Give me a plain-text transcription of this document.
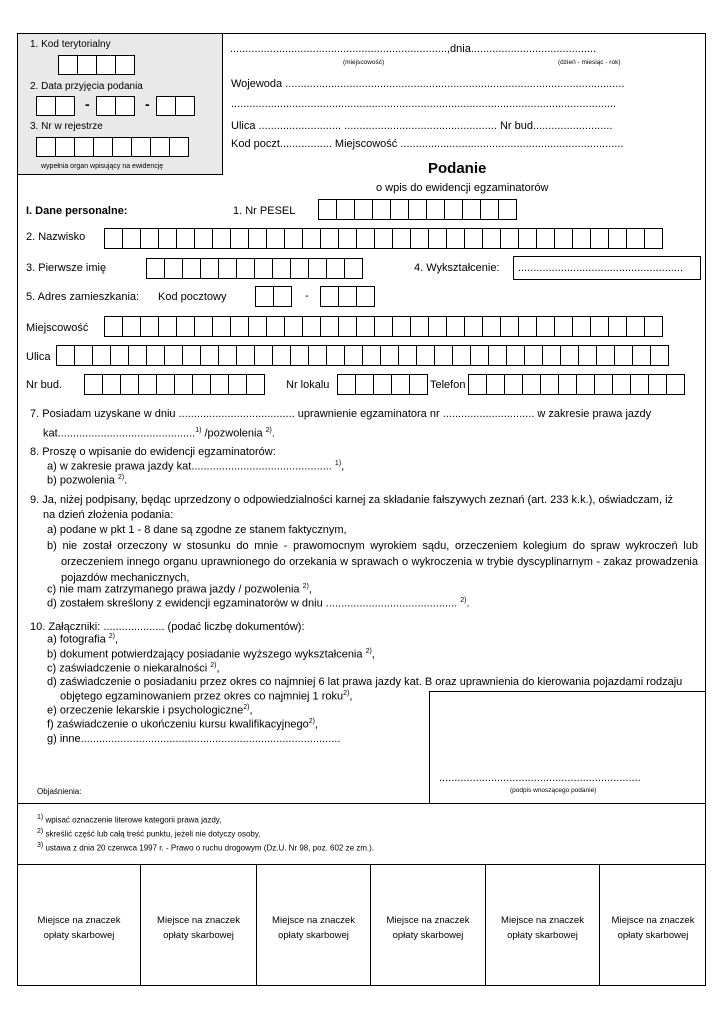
1. Kod terytorialny
2. Data przyjęcia podania
-	-
3. Nr w rejestrze
wypełnia organ wpisujący na ewidencję
.......................................................................,dnia.........................................
(miejscowość)	(dzień - miesiąc - rok)
Wojewoda ...............................................................................................................
..............................................................................................................................
Ulica ........................... .................................................. Nr bud..........................
Kod poczt................. Miejscowość .........................................................................
Podanie
o wpis do ewidencji egzaminatorów
I. Dane personalne:	1. Nr PESEL
2. Nazwisko
3. Pierwsze imię	4. Wykształcenie: ......................................................
5. Adres zamieszkania: Kod pocztowy	-
Miejscowość
Ulica
Nr bud.	Nr lokalu	Telefon
7. Posiadam uzyskane w dniu ...................................... uprawnienie egzaminatora nr .............................. w zakresie prawa jazdy
kat.............................................$^{1)}$ /pozwolenia $^{2)}$.
8. Proszę o wpisanie do ewidencji egzaminatorów:
a) w zakresie prawa jazdy kat.............................................. $^{1)}$,
b) pozwolenia $^{2)}$.
9. Ja, niżej podpisany, będąc uprzedzony o odpowiedzialności karnej za składanie fałszywych zeznań (art. 233 k.k.), oświadczam, iż
na dzień złożenia podania:
a) podane w pkt 1 - 8 dane są zgodne ze stanem faktycznym,
b) nie został orzeczony w stosunku do mnie - prawomocnym wyrokiem sądu, orzeczeniem kolegium do spraw wykroczeń lub orzeczeniem innego organu uprawnionego do orzekania w sprawach o wykroczenia w trybie dyscyplinarnym - zakaz prowadzenia pojazdów mechanicznych,
c) nie mam zatrzymanego prawa jazdy / pozwolenia $^{2)}$,
d) zostałem skreślony z ewidencji egzaminatorów w dniu ........................................... $^{2)}$.
10. Załączniki: .................... (podać liczbę dokumentów):
a) fotografia $^{2)}$,
b) dokument potwierdzający posiadanie wyższego wykształcenia $^{2)}$,
c) zaświadczenie o niekaralności $^{2)}$,
d) zaświadczenie o posiadaniu przez okres co najmniej 6 lat prawa jazdy kat. B oraz uprawnienia do kierowania pojazdami rodzaju
objętego egzaminowaniem przez okres co najmniej 1 roku$^{2)}$,
e) orzeczenie lekarskie i psychologiczne$^{2)}$,
f) zaświadczenie o ukończeniu kursu kwalifikacyjnego$^{2)}$,
g) inne.....................................................................................
..................................................................
(podpis wnoszącego podanie)
Objaśnienia:
$^{1)}$ wpisać oznaczenie literowe kategorii prawa jazdy,
$^{2)}$ skreślić część lub całą treść punktu, jeżeli nie dotyczy osoby,
$^{3)}$ ustawa z dnia 20 czerwca 1997 r. - Prawo o ruchu drogowym (Dz.U. Nr 98, poz. 602 ze zm.).
Miejsce na znaczek
opłaty skarbowej
Miejsce na znaczek
opłaty skarbowej
Miejsce na znaczek
opłaty skarbowej
Miejsce na znaczek
opłaty skarbowej
Miejsce na znaczek
opłaty skarbowej
Miejsce na znaczek
opłaty skarbowej
